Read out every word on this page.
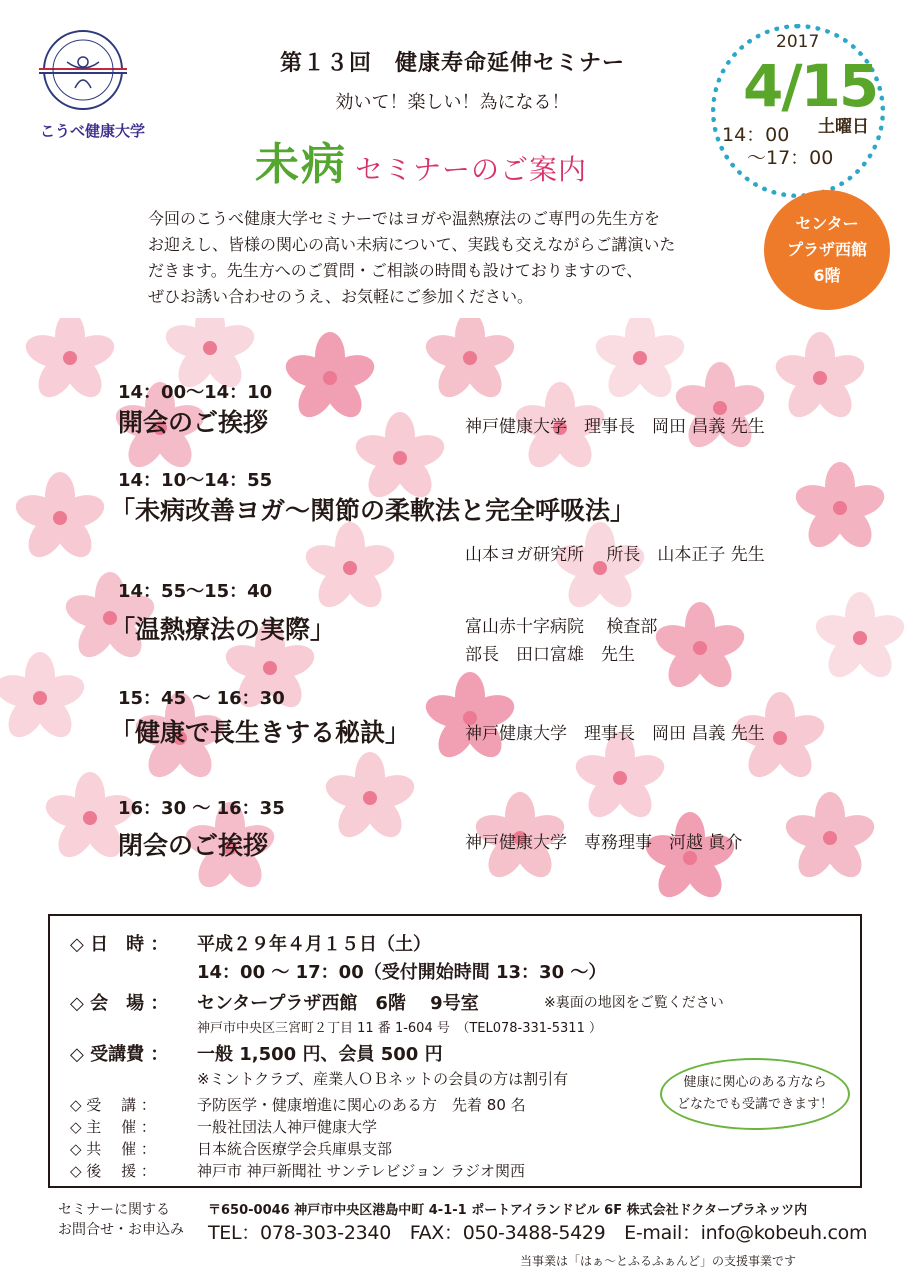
こうべ健康大学
第１３回　健康寿命延伸セミナー
効いて！楽しい！為になる！
未病 セミナーのご案内
2017
4/15
土曜日
14：00
～17：00
センター
プラザ西館
6階
今回のこうべ健康大学セミナーではヨガや温熱療法のご専門の先生方を
お迎えし、皆様の関心の高い未病について、実践も交えながらご講演いた
だきます。先生方へのご質問・ご相談の時間も設けておりますので、
ぜひお誘い合わせのうえ、お気軽にご参加ください。
14：00～14：10
開会のご挨拶	神戸健康大学　理事長　岡田 昌義 先生
14：10～14：55
「未病改善ヨガ～関節の柔軟法と完全呼吸法」
山本ヨガ研究所　 所長　山本正子 先生
14：55～15：40
「温熱療法の実際」	富山赤十字病院　 検査部
部長　田口富雄　先生
15：45 ～ 16：30
「健康で長生きする秘訣」	神戸健康大学　理事長　岡田 昌義 先生
16：30 ～ 16：35
閉会のご挨拶	神戸健康大学　専務理事　河越 眞介
◇ 日　時 ： 平成２９年４月１５日（土）
14：00 ～ 17：00（受付開始時間 13：30 ～）
◇ 会　場 ： センタープラザ西館　6階　 9号室	※裏面の地図をご覧ください
神戸市中央区三宮町２丁目 11 番 1-604 号　（TEL078-331-5311 ）
◇ 受講費 ： 一般 1,500 円、会員 500 円
※ミントクラブ、産業人ＯＢネットの会員の方は割引有
◇ 受　 講 ：	予防医学・健康増進に関心のある方　先着 80 名
◇ 主　 催 ：	一般社団法人神戸健康大学
◇ 共　 催 ：	日本統合医療学会兵庫県支部
◇ 後　 援 ：	神戸市 神戸新聞社 サンテレビジョン ラジオ関西
健康に関心のある方なら
どなたでも受講できます！
セミナーに関する
お問合せ・お申込み
〒650-0046 神戸市中央区港島中町 4-1-1 ポートアイランドビル 6F 株式会社ドクタープラネッツ内
TEL：078-303-2340　FAX：050-3488-5429　E-mail：info@kobeuh.com
当事業は「はぁ～とふるふぁんど」の支援事業です
